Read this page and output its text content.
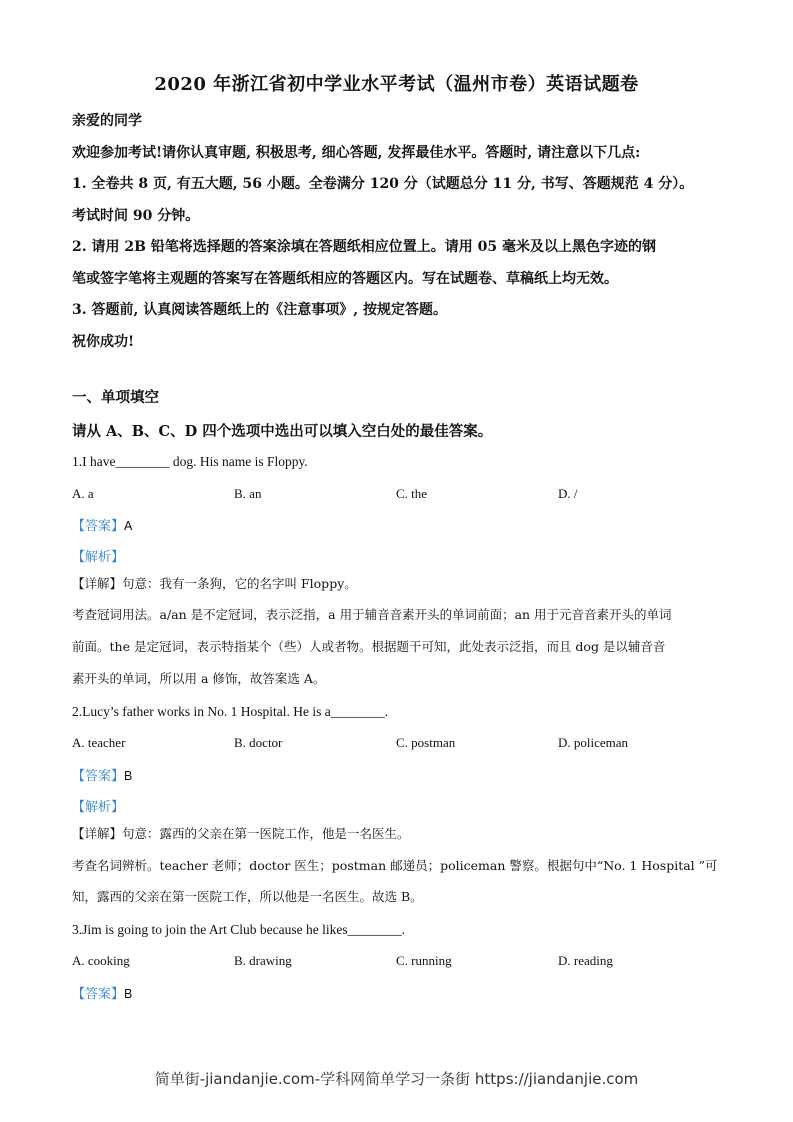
2020 年浙江省初中学业水平考试（温州市卷）英语试题卷
亲爱的同学
欢迎参加考试!请你认真审题, 积极思考, 细心答题, 发挥最佳水平。答题时, 请注意以下几点:
1. 全卷共 8 页, 有五大题, 56 小题。全卷满分 120 分（试题总分 11 分, 书写、答题规范 4 分）。
考试时间 90 分钟。
2. 请用 2B 铅笔将选择题的答案涂填在答题纸相应位置上。请用 05 毫米及以上黑色字迹的钢
笔或签字笔将主观题的答案写在答题纸相应的答题区内。写在试题卷、草稿纸上均无效。
3. 答题前, 认真阅读答题纸上的《注意事项》, 按规定答题。
祝你成功!
一、单项填空
请从 A、B、C、D 四个选项中选出可以填入空白处的最佳答案。
1.I have________ dog. His name is Floppy.
A. a	B. an	C. the	D. /
【答案】A
【解析】
【详解】句意：我有一条狗，它的名字叫 Floppy。
考查冠词用法。a/an 是不定冠词，表示泛指，a 用于辅音音素开头的单词前面；an 用于元音音素开头的单词
前面。the 是定冠词，表示特指某个（些）人或者物。根据题干可知，此处表示泛指，而且 dog 是以辅音音
素开头的单词，所以用 a 修饰，故答案选 A。
2.Lucy’s father works in No. 1 Hospital. He is a________.
A. teacher	B. doctor	C. postman	D. policeman
【答案】B
【解析】
【详解】句意：露西的父亲在第一医院工作，他是一名医生。
考查名词辨析。teacher 老师；doctor 医生；postman 邮递员；policeman 警察。根据句中“No. 1 Hospital ”可
知，露西的父亲在第一医院工作，所以他是一名医生。故选 B。
3.Jim is going to join the Art Club because he likes________.
A. cooking	B. drawing	C. running	D. reading
【答案】B
简单街-jiandanjie.com-学科网简单学习一条街 https://jiandanjie.com
